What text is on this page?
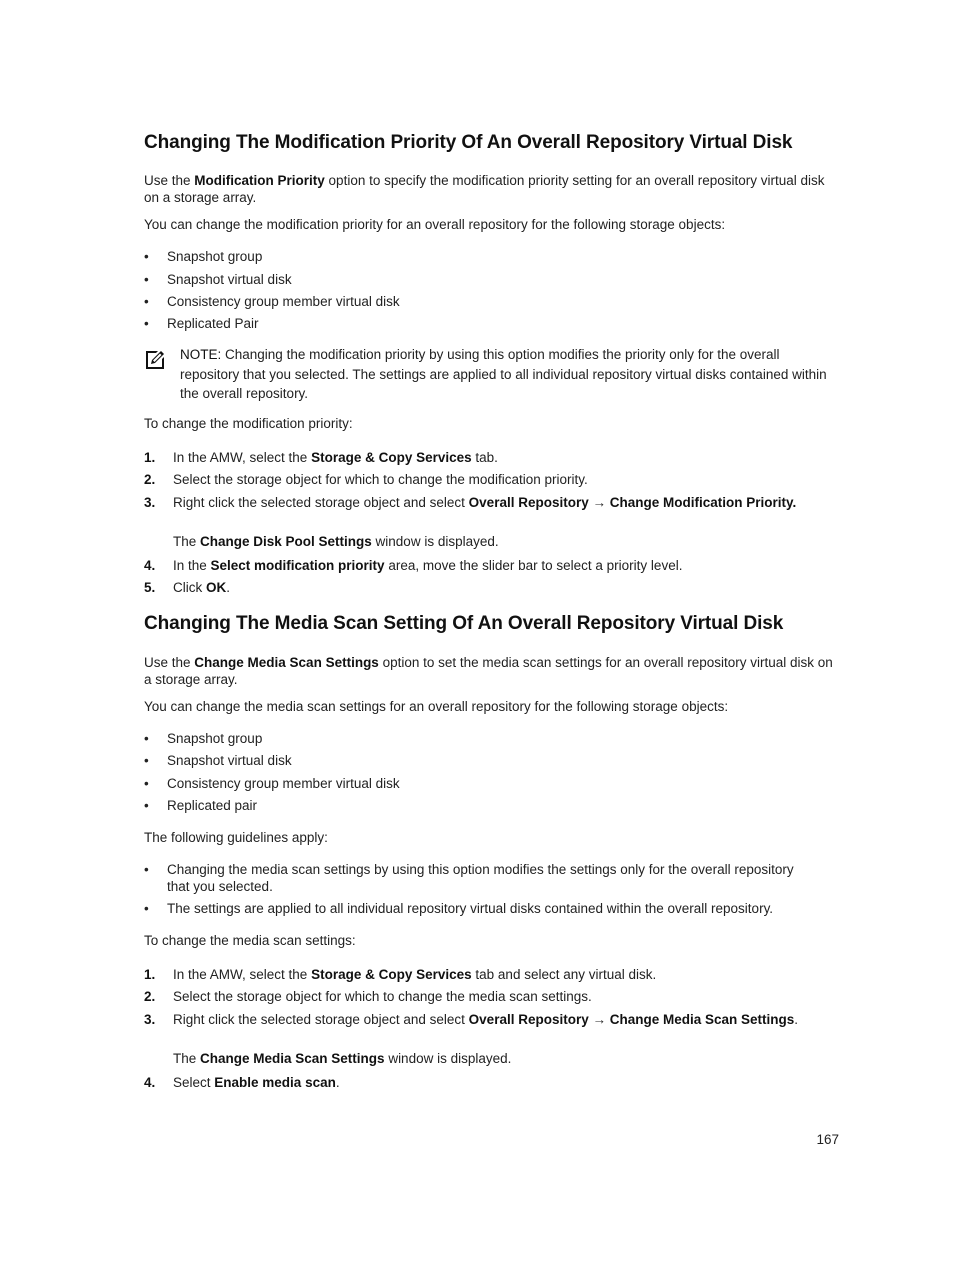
Changing The Modification Priority Of An Overall Repository Virtual Disk

Use the Modification Priority option to specify the modification priority setting for an overall repository virtual disk on a storage array.

You can change the modification priority for an overall repository for the following storage objects:

•	Snapshot group
•	Snapshot virtual disk
•	Consistency group member virtual disk
•	Replicated Pair
NOTE: Changing the modification priority by using this option modifies the priority only for the overall repository that you selected. The settings are applied to all individual repository virtual disks contained within the overall repository.

To change the modification priority:

1. In the AMW, select the Storage & Copy Services tab.
2. Select the storage object for which to change the modification priority.
3. Right click the selected storage object and select Overall Repository → Change Modification Priority.
The Change Disk Pool Settings window is displayed.
4. In the Select modification priority area, move the slider bar to select a priority level.
5. Click OK.
Changing The Media Scan Setting Of An Overall Repository Virtual Disk

Use the Change Media Scan Settings option to set the media scan settings for an overall repository virtual disk on a storage array.

You can change the media scan settings for an overall repository for the following storage objects:

•	Snapshot group
•	Snapshot virtual disk
•	Consistency group member virtual disk
•	Replicated pair

The following guidelines apply:

•	Changing the media scan settings by using this option modifies the settings only for the overall repository that you selected.
•	The settings are applied to all individual repository virtual disks contained within the overall repository.

To change the media scan settings:

1. In the AMW, select the Storage & Copy Services tab and select any virtual disk.
2. Select the storage object for which to change the media scan settings.
3. Right click the selected storage object and select Overall Repository → Change Media Scan Settings.
The Change Media Scan Settings window is displayed.
4. Select Enable media scan.
167
